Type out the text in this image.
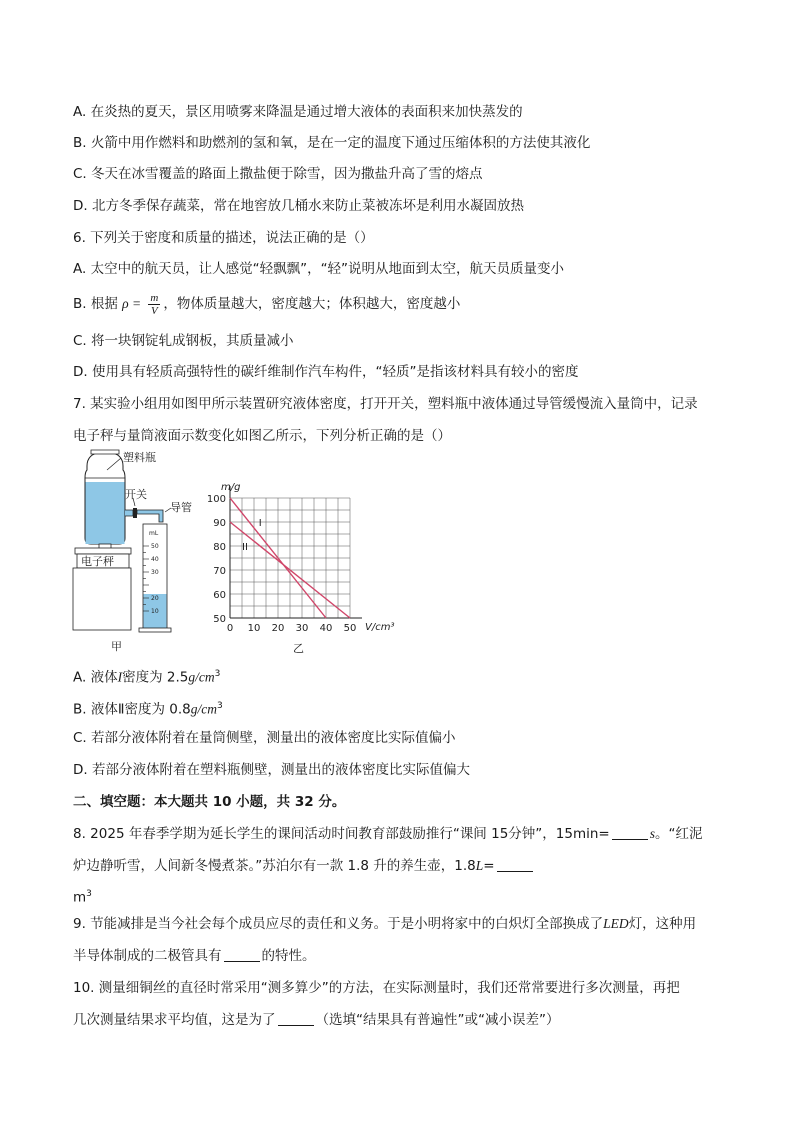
A. 在炎热的夏天，景区用喷雾来降温是通过增大液体的表面积来加快蒸发的
B. 火箭中用作燃料和助燃剂的氢和氧，是在一定的温度下通过压缩体积的方法使其液化
C. 冬天在冰雪覆盖的路面上撒盐便于除雪，因为撒盐升高了雪的熔点
D. 北方冬季保存蔬菜，常在地窖放几桶水来防止菜被冻坏是利用水凝固放热
6. 下列关于密度和质量的描述，说法正确的是（）
A. 太空中的航天员，让人感觉“轻飘飘”，“轻”说明从地面到太空，航天员质量变小
B. 根据 $\rho = \frac{m}{V}$ ，物体质量越大，密度越大；体积越大，密度越小
C. 将一块钢锭轧成钢板，其质量减小
D. 使用具有轻质高强特性的碳纤维制作汽车构件，“轻质”是指该材料具有较小的密度
7. 某实验小组用如图甲所示装置研究液体密度，打开开关，塑料瓶中液体通过导管缓慢流入量筒中，记录
电子秤与量筒液面示数变化如图乙所示，下列分析正确的是（）
mL
50
40
30
20
10
塑料瓶
开关
导管
电子秤
甲
m/g
V/cm³
乙
0 10 20 30 40 50
50
60
70
80
90
100
I
II
A. 液体I密度为 $2.5g/cm^3$
B. 液体Ⅱ密度为 $0.8g/cm^3$
C. 若部分液体附着在量筒侧壁，测量出的液体密度比实际值偏小
D. 若部分液体附着在塑料瓶侧壁，测量出的液体密度比实际值偏大
二、填空题：本大题共 10 小题，共 32 分。
8. 2025 年春季学期为延长学生的课间活动时间教育部鼓励推行“课间 15分钟”，15min=	s。“红泥
炉边静听雪，人间新冬慢煮茶。”苏泊尔有一款 1.8 升的养生壶，1.8L=
$m^3$
9. 节能减排是当今社会每个成员应尽的责任和义务。于是小明将家中的白炽灯全部换成了LED灯，这种用
半导体制成的二极管具有	的特性。
10. 测量细铜丝的直径时常采用“测多算少”的方法，在实际测量时，我们还常常要进行多次测量，再把
几次测量结果求平均值，这是为了	（选填“结果具有普遍性”或“减小误差”）
